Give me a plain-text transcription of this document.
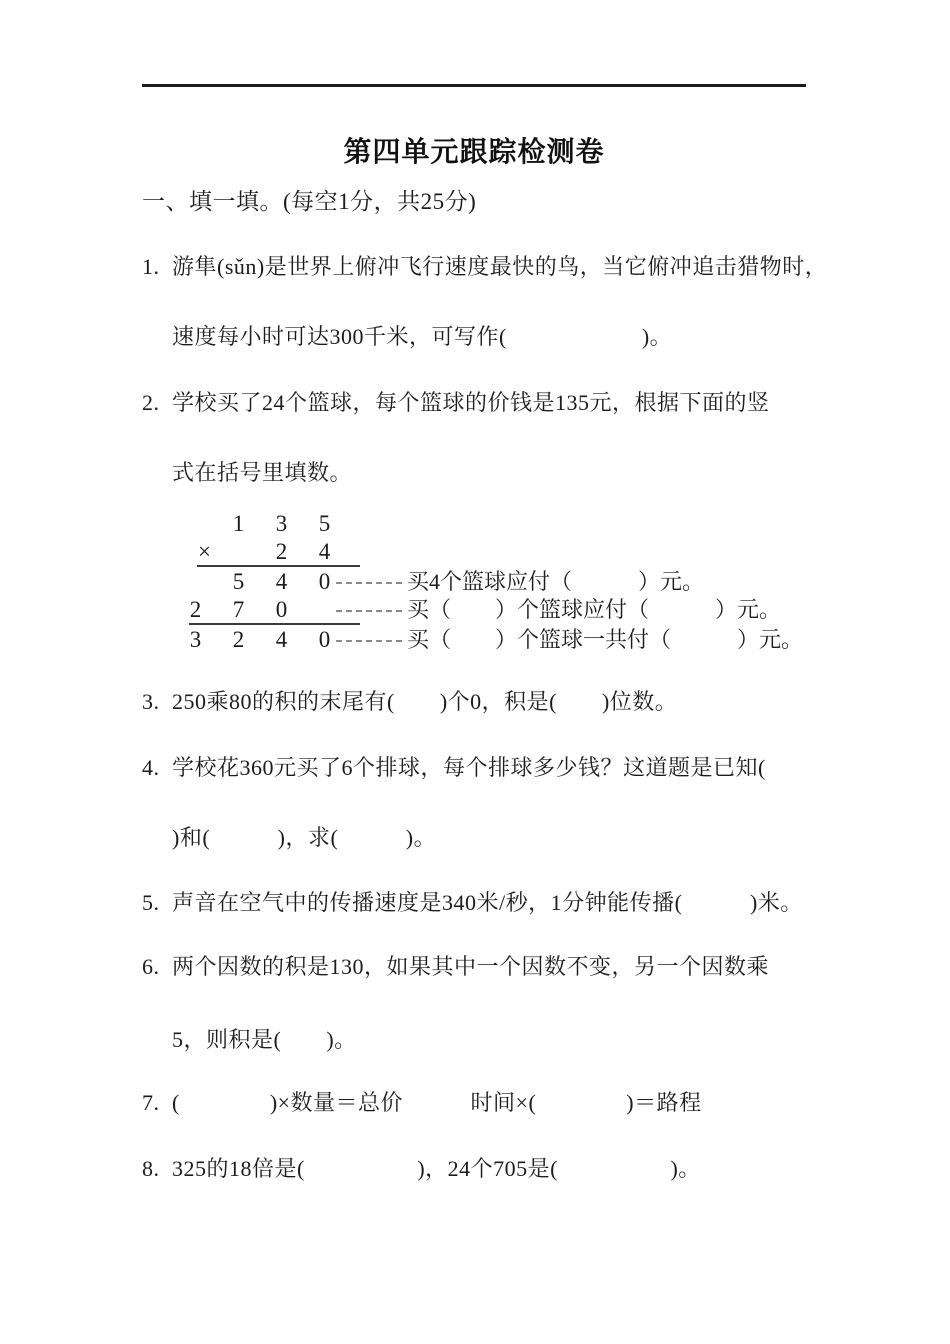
第四单元跟踪检测卷
一、填一填。(每空1分，共25分)
1. 游隼(sǔn)是世界上俯冲飞行速度最快的鸟，当它俯冲追击猎物时，
速度每小时可达300千米，可写作(　　　　　　)。
2. 学校买了24个篮球，每个篮球的价钱是135元，根据下面的竖
式在括号里填数。
1 3 5
×	2 4
5 4 0
2 7 0
3 2 4 0
买4个篮球应付（　　　）元。
买（　　）个篮球应付（　　　）元。
买（　　）个篮球一共付（　　　）元。
3. 250乘80的积的末尾有(　　)个0，积是(　　)位数。
4. 学校花360元买了6个排球，每个排球多少钱？这道题是已知(
)和(　　　)，求(　　　)。
5. 声音在空气中的传播速度是340米/秒，1分钟能传播(　　　)米。
6. 两个因数的积是130，如果其中一个因数不变，另一个因数乘
5，则积是(　　)。
7. (　　　　)×数量＝总价　　　时间×(　　　　)＝路程
8. 325的18倍是(　　　　　)，24个705是(　　　　　)。
